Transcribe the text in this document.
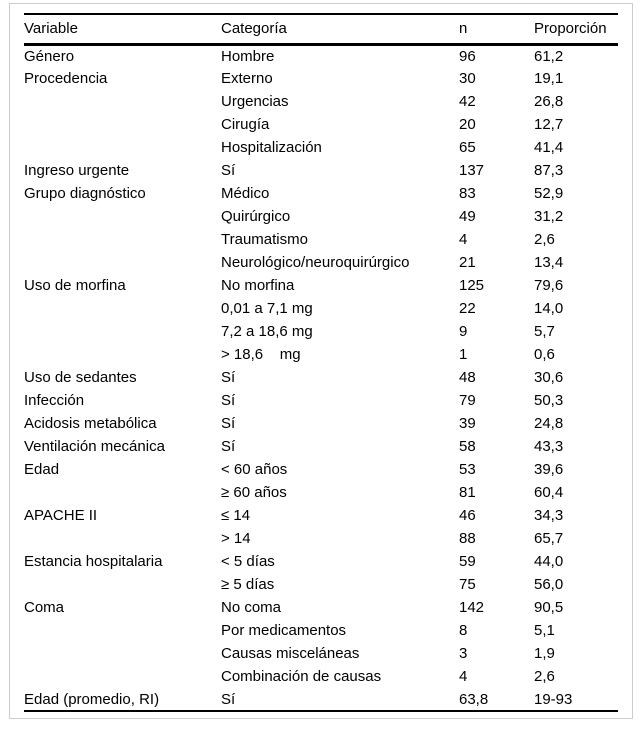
Variable	Categoría	n	Proporción
Género	Hombre	96	61,2
Procedencia	Externo	30	19,1
	Urgencias	42	26,8
	Cirugía	20	12,7
	Hospitalización	65	41,4
Ingreso urgente	Sí	137	87,3
Grupo diagnóstico	Médico	83	52,9
	Quirúrgico	49	31,2
	Traumatismo	4	2,6
	Neurológico/neuroquirúrgico	21	13,4
Uso de morfina	No morfina	125	79,6
	0,01 a 7,1 mg	22	14,0
	7,2 a 18,6 mg	9	5,7
	> 18,6    mg	1	0,6
Uso de sedantes	Sí	48	30,6
Infección	Sí	79	50,3
Acidosis metabólica	Sí	39	24,8
Ventilación mecánica	Sí	58	43,3
Edad	< 60 años	53	39,6
	≥ 60 años	81	60,4
APACHE II	≤ 14	46	34,3
	> 14	88	65,7
Estancia hospitalaria	< 5 días	59	44,0
	≥ 5 días	75	56,0
Coma	No coma	142	90,5
	Por medicamentos	8	5,1
	Causas misceláneas	3	1,9
	Combinación de causas	4	2,6
Edad (promedio, RI)	Sí	63,8	19-93
